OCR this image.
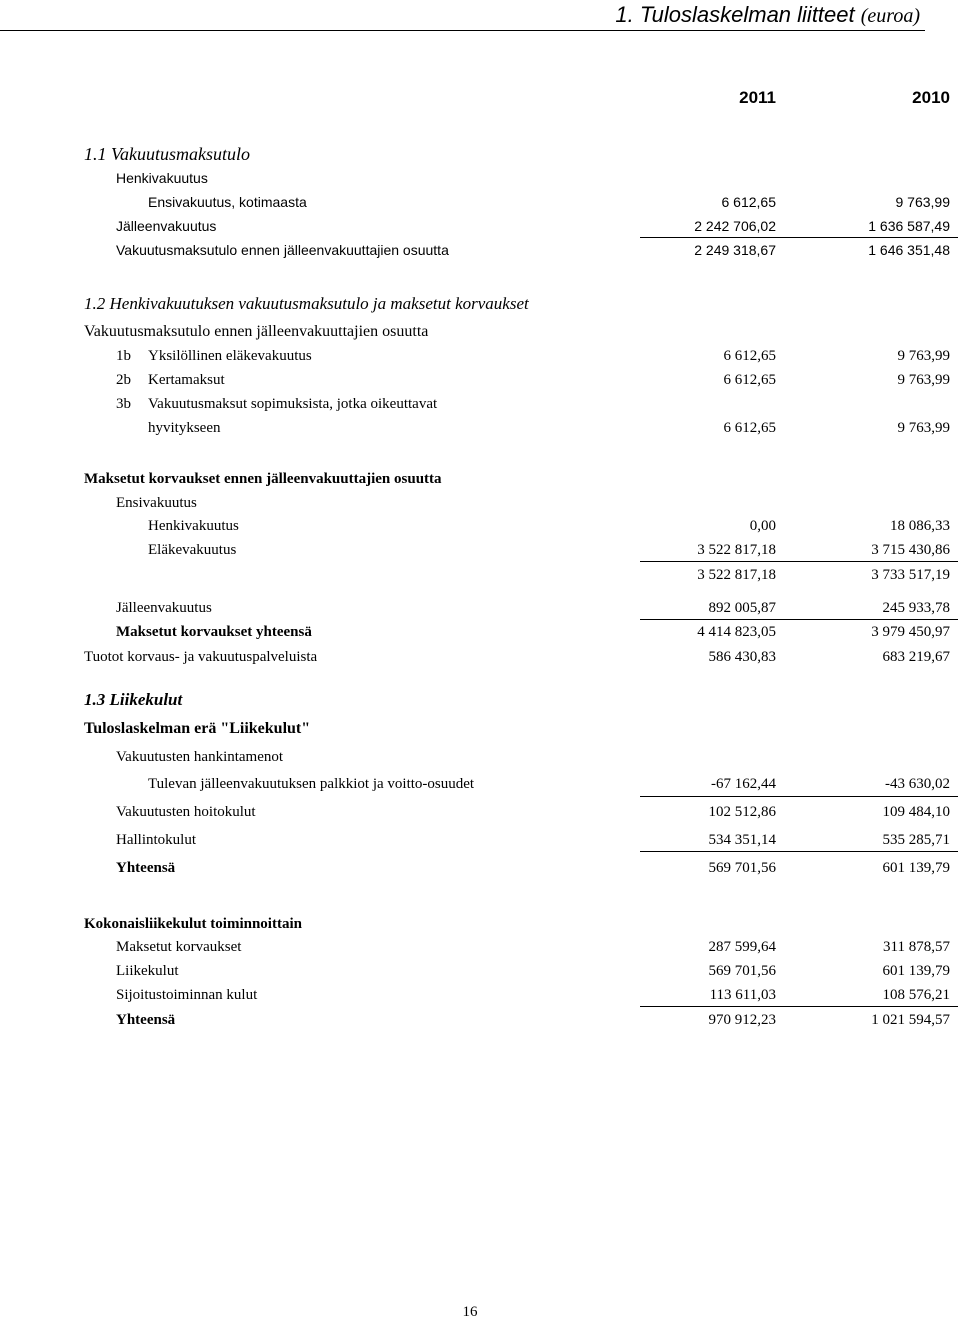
1. Tuloslaskelman liitteet (euroa)
2011	2010
1.1 Vakuutusmaksutulo
Henkivakuutus
Ensivakuutus, kotimaasta	6 612,65	9 763,99
Jälleenvakuutus	2 242 706,02	1 636 587,49
Vakuutusmaksutulo ennen jälleenvakuuttajien osuutta	2 249 318,67	1 646 351,48
1.2 Henkivakuutuksen vakuutusmaksutulo ja maksetut korvaukset
Vakuutusmaksutulo ennen jälleenvakuuttajien osuutta
1b Yksilöllinen eläkevakuutus	6 612,65	9 763,99
2b Kertamaksut	6 612,65	9 763,99
3b Vakuutusmaksut sopimuksista, jotka oikeuttavat
hyvitykseen	6 612,65	9 763,99
Maksetut korvaukset ennen jälleenvakuuttajien osuutta
Ensivakuutus
Henkivakuutus	0,00	18 086,33
Eläkevakuutus	3 522 817,18	3 715 430,86
3 522 817,18	3 733 517,19
Jälleenvakuutus	892 005,87	245 933,78
Maksetut korvaukset yhteensä	4 414 823,05	3 979 450,97
Tuotot korvaus- ja vakuutuspalveluista	586 430,83	683 219,67
1.3 Liikekulut
Tuloslaskelman erä "Liikekulut"
Vakuutusten hankintamenot
Tulevan jälleenvakuutuksen palkkiot ja voitto-osuudet	-67 162,44	-43 630,02
Vakuutusten hoitokulut	102 512,86	109 484,10
Hallintokulut	534 351,14	535 285,71
Yhteensä	569 701,56	601 139,79
Kokonaisliikekulut toiminnoittain
Maksetut korvaukset	287 599,64	311 878,57
Liikekulut	569 701,56	601 139,79
Sijoitustoiminnan kulut	113 611,03	108 576,21
Yhteensä	970 912,23	1 021 594,57
16
